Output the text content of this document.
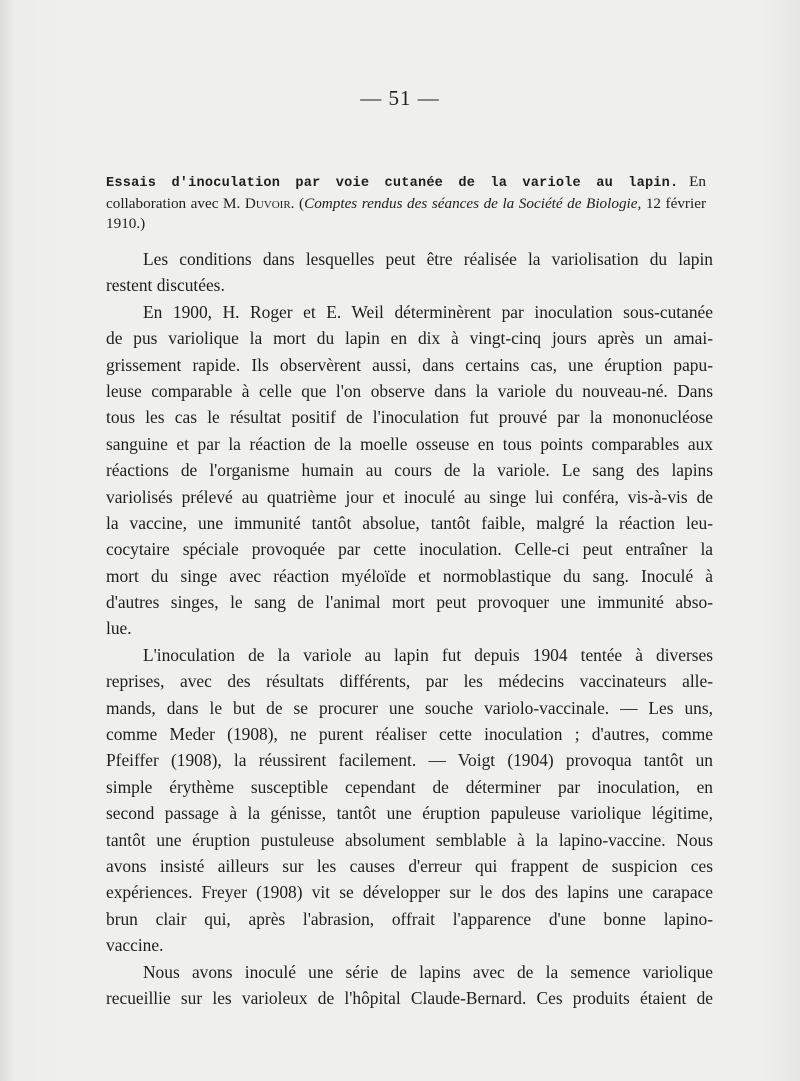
— 51 —
Essais d'inoculation par voie cutanée de la variole au lapin. En collaboration avec M. Duvoir. (Comptes rendus des séances de la Société de Biologie, 12 février 1910.)
Les conditions dans lesquelles peut être réalisée la variolisation du lapin
restent discutées.
En 1900, H. Roger et E. Weil déterminèrent par inoculation sous-cutanée
de pus variolique la mort du lapin en dix à vingt-cinq jours après un amai-
grissement rapide. Ils observèrent aussi, dans certains cas, une éruption papu-
leuse comparable à celle que l'on observe dans la variole du nouveau-né. Dans
tous les cas le résultat positif de l'inoculation fut prouvé par la mononucléose
sanguine et par la réaction de la moelle osseuse en tous points comparables aux
réactions de l'organisme humain au cours de la variole. Le sang des lapins
variolisés prélevé au quatrième jour et inoculé au singe lui conféra, vis-à-vis de
la vaccine, une immunité tantôt absolue, tantôt faible, malgré la réaction leu-
cocytaire spéciale provoquée par cette inoculation. Celle-ci peut entraîner la
mort du singe avec réaction myéloïde et normoblastique du sang. Inoculé à
d'autres singes, le sang de l'animal mort peut provoquer une immunité abso-
lue.
L'inoculation de la variole au lapin fut depuis 1904 tentée à diverses
reprises, avec des résultats différents, par les médecins vaccinateurs alle-
mands, dans le but de se procurer une souche variolo-vaccinale. — Les uns,
comme Meder (1908), ne purent réaliser cette inoculation ; d'autres, comme
Pfeiffer (1908), la réussirent facilement. — Voigt (1904) provoqua tantôt un
simple érythème susceptible cependant de déterminer par inoculation, en
second passage à la génisse, tantôt une éruption papuleuse variolique légitime,
tantôt une éruption pustuleuse absolument semblable à la lapino-vaccine. Nous
avons insisté ailleurs sur les causes d'erreur qui frappent de suspicion ces
expériences. Freyer (1908) vit se développer sur le dos des lapins une carapace
brun clair qui, après l'abrasion, offrait l'apparence d'une bonne lapino-
vaccine.
Nous avons inoculé une série de lapins avec de la semence variolique
recueillie sur les varioleux de l'hôpital Claude-Bernard. Ces produits étaient de
